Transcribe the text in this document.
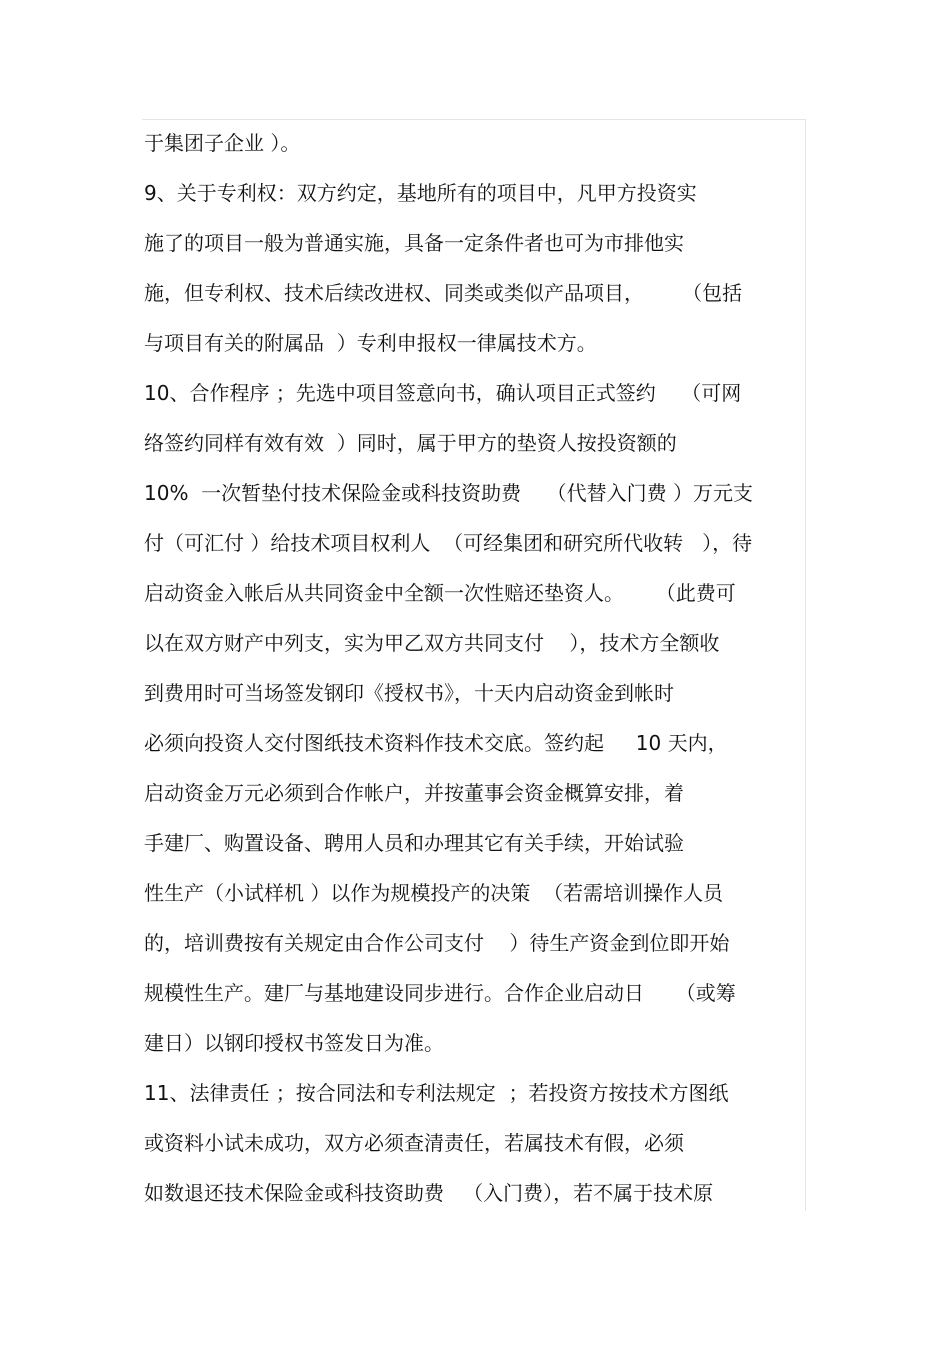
于集团子企业 ）。
9、关于专利权：双方约定，基地所有的项目中，凡甲方投资实
施了的项目一般为普通实施，具备一定条件者也可为市排他实
施，但专利权、技术后续改进权、同类或类似产品项目，      （包括
与项目有关的附属品  ）专利申报权一律属技术方。
10、合作程序 ；先选中项目签意向书，确认项目正式签约    （可网
络签约同样有效有效  ）同时，属于甲方的垫资人按投资额的
10%  一次暂垫付技术保险金或科技资助费    （代替入门费 ）万元支
付（可汇付 ）给技术项目权利人  （可经集团和研究所代收转   ），待
启动资金入帐后从共同资金中全额一次性赔还垫资人。     （此费可
以在双方财产中列支，实为甲乙双方共同支付    ），技术方全额收
到费用时可当场签发钢印《授权书》，十天内启动资金到帐时
必须向投资人交付图纸技术资料作技术交底。签约起     10 天内，
启动资金万元必须到合作帐户，并按董事会资金概算安排，着
手建厂、购置设备、聘用人员和办理其它有关手续，开始试验
性生产（小试样机 ）以作为规模投产的决策  （若需培训操作人员
的，培训费按有关规定由合作公司支付    ）待生产资金到位即开始
规模性生产。建厂与基地建设同步进行。合作企业启动日     （或筹
建日）以钢印授权书签发日为准。
11、法律责任 ；按合同法和专利法规定  ；若投资方按技术方图纸
或资料小试未成功，双方必须查清责任，若属技术有假，必须
如数退还技术保险金或科技资助费   （入门费），若不属于技术原
